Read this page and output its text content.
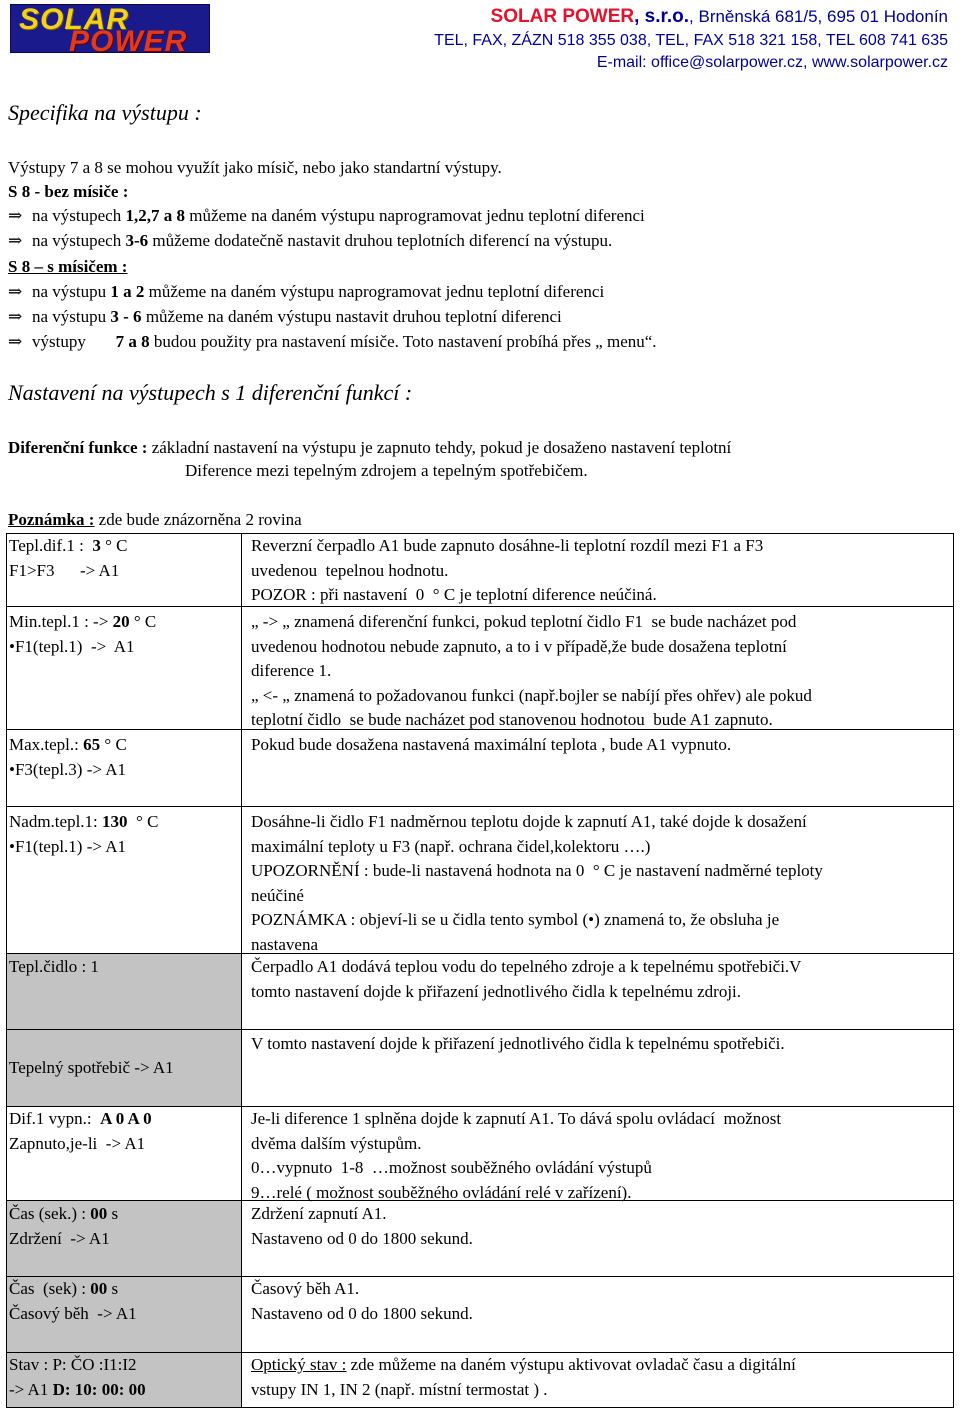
SOLAR
POWER
SOLAR POWER, s.r.o., Brněnská 681/5, 695 01 Hodonín
TEL, FAX, ZÁZN 518 355 038, TEL, FAX 518 321 158, TEL 608 741 635
E-mail: office@solarpower.cz, www.solarpower.cz
Specifika na výstupu :
Výstupy 7 a 8 se mohou využít jako mísič, nebo jako standartní výstupy.
S 8 - bez mísiče :
⇒ na výstupech 1,2,7 a 8 můžeme na daném výstupu naprogramovat jednu teplotní diferenci
⇒ na výstupech 3-6 můžeme dodatečně nastavit druhou teplotních diferencí na výstupu.
S 8 – s mísičem :
⇒ na výstupu 1 a 2 můžeme na daném výstupu naprogramovat jednu teplotní diferenci
⇒ na výstupu 3 - 6 můžeme na daném výstupu nastavit druhou teplotní diferenci
⇒ výstupy       7 a 8 budou použity pra nastavení mísiče. Toto nastavení probíhá přes „ menu“.
Nastavení na výstupech s 1 diferenční funkcí :
Diferenční funkce : základní nastavení na výstupu je zapnuto tehdy, pokud je dosaženo nastavení teplotní
Diference mezi tepelným zdrojem a tepelným spotřebičem.
Poznámka : zde bude znázorněna 2 rovina
Tepl.dif.1 :  3 ° C
F1>F3      -> A1
Reverzní čerpadlo A1 bude zapnuto dosáhne-li teplotní rozdíl mezi F1 a F3
uvedenou  tepelnou hodnotu.
POZOR : při nastavení  0  ° C je teplotní diference neúčiná.
Min.tepl.1 : -> 20 ° C
•F1(tepl.1)  ->  A1
„ -> „ znamená diferenční funkci, pokud teplotní čidlo F1  se bude nacházet pod
uvedenou hodnotou nebude zapnuto, a to i v případě,že bude dosažena teplotní
diference 1.
„ <- „ znamená to požadovanou funkci (např.bojler se nabíjí přes ohřev) ale pokud
teplotní čidlo  se bude nacházet pod stanovenou hodnotou  bude A1 zapnuto.
Max.tepl.: 65 ° C
•F3(tepl.3) -> A1
Pokud bude dosažena nastavená maximální teplota , bude A1 vypnuto.
Nadm.tepl.1: 130  ° C
•F1(tepl.1) -> A1
Dosáhne-li čidlo F1 nadměrnou teplotu dojde k zapnutí A1, také dojde k dosažení
maximální teploty u F3 (např. ochrana čidel,kolektoru ….)
UPOZORNĚNÍ : bude-li nastavená hodnota na 0  ° C je nastavení nadměrné teploty
neúčiné
POZNÁMKA : objeví-li se u čidla tento symbol (•) znamená to, že obsluha je
nastavena
Tepl.čidlo : 1	Čerpadlo A1 dodává teplou vodu do tepelného zdroje a k tepelnému spotřebiči.V
tomto nastavení dojde k přiřazení jednotlivého čidla k tepelnému zdroji.
Tepelný spotřebič -> A1
V tomto nastavení dojde k přiřazení jednotlivého čidla k tepelnému spotřebiči.
Dif.1 vypn.:  A 0 A 0
Zapnuto,je-li  -> A1
Je-li diference 1 splněna dojde k zapnutí A1. To dává spolu ovládací  možnost
dvěma dalším výstupům.
0…vypnuto  1-8  …možnost souběžného ovládání výstupů
9…relé ( možnost souběžného ovládání relé v zařízení).
Čas (sek.) : 00 s
Zdržení  -> A1
Zdržení zapnutí A1.
Nastaveno od 0 do 1800 sekund.
Čas  (sek) : 00 s
Časový běh  -> A1
Časový běh A1.
Nastaveno od 0 do 1800 sekund.
Stav : P: ČO :I1:I2
-> A1 D: 10: 00: 00
Optický stav : zde můžeme na daném výstupu aktivovat ovladač času a digitální
vstupy IN 1, IN 2 (např. místní termostat ) .
